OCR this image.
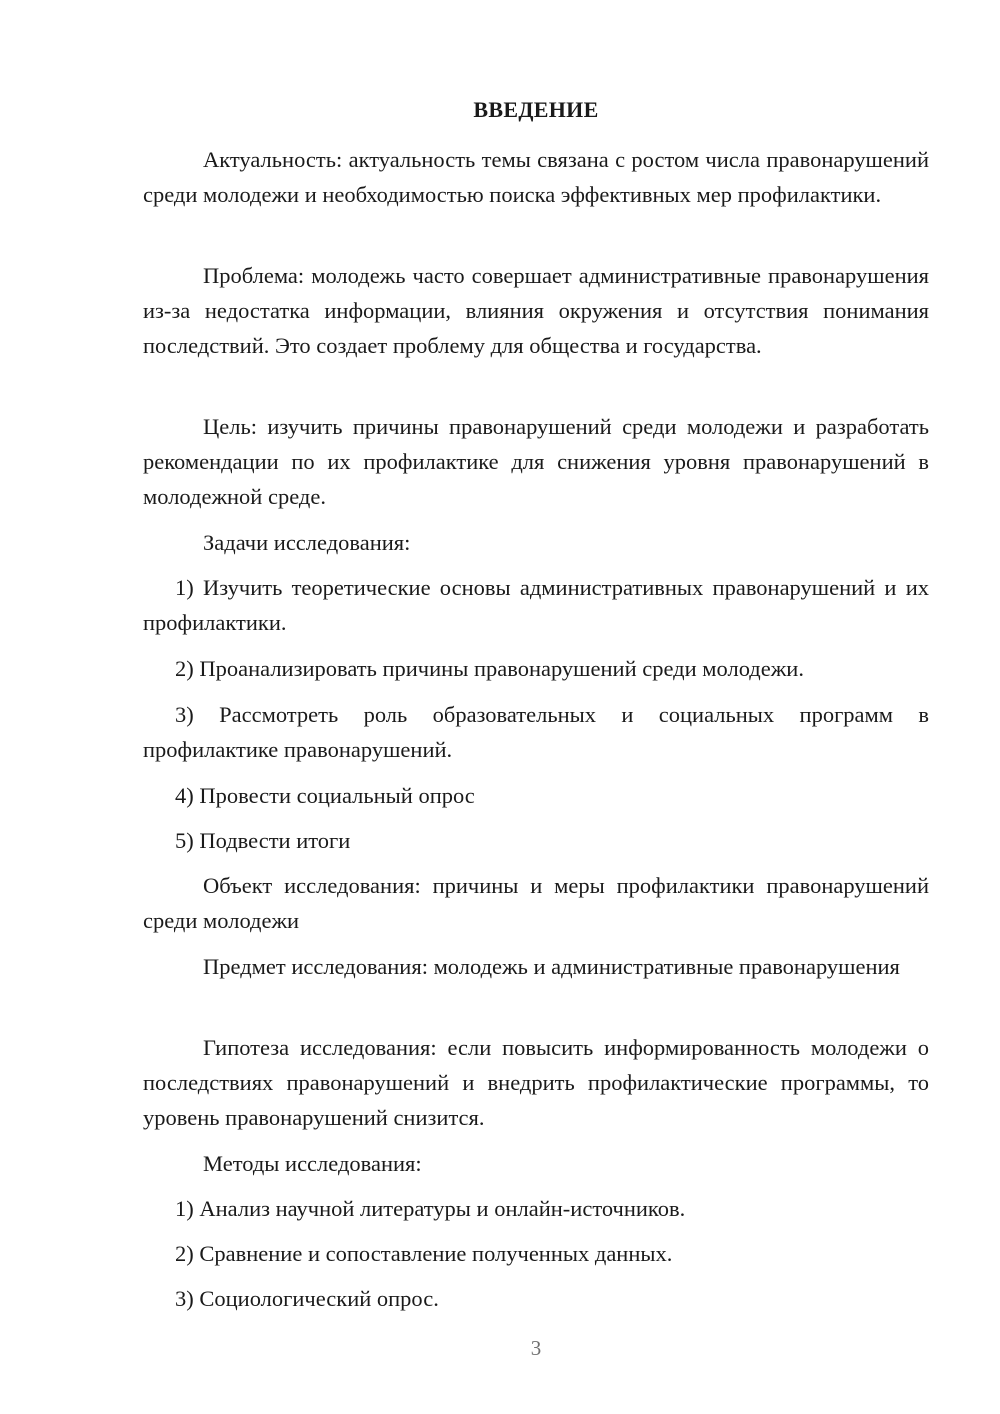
ВВЕДЕНИЕ

Актуальность: актуальность темы связана с ростом числа правонарушений среди молодежи и необходимостью поиска эффективных мер профилактики.

Проблема: молодежь часто совершает административные правонарушения из-за недостатка информации, влияния окружения и отсутствия понимания последствий. Это создает проблему для общества и государства.

Цель: изучить причины правонарушений среди молодежи и разработать рекомендации по их профилактике для снижения уровня правонарушений в молодежной среде.

Задачи исследования:

1) Изучить теоретические основы административных правонарушений и их профилактики.

2) Проанализировать причины правонарушений среди молодежи.

3) Рассмотреть роль образовательных и социальных программ в профилактике правонарушений.

4) Провести социальный опрос

5) Подвести итоги

Объект исследования: причины и меры профилактики правонарушений среди молодежи

Предмет исследования: молодежь и административные правонарушения

Гипотеза исследования: если повысить информированность молодежи о последствиях правонарушений и внедрить профилактические программы, то уровень правонарушений снизится.

Методы исследования:

1) Анализ научной литературы и онлайн-источников.

2) Сравнение и сопоставление полученных данных.

3) Социологический опрос.

3
